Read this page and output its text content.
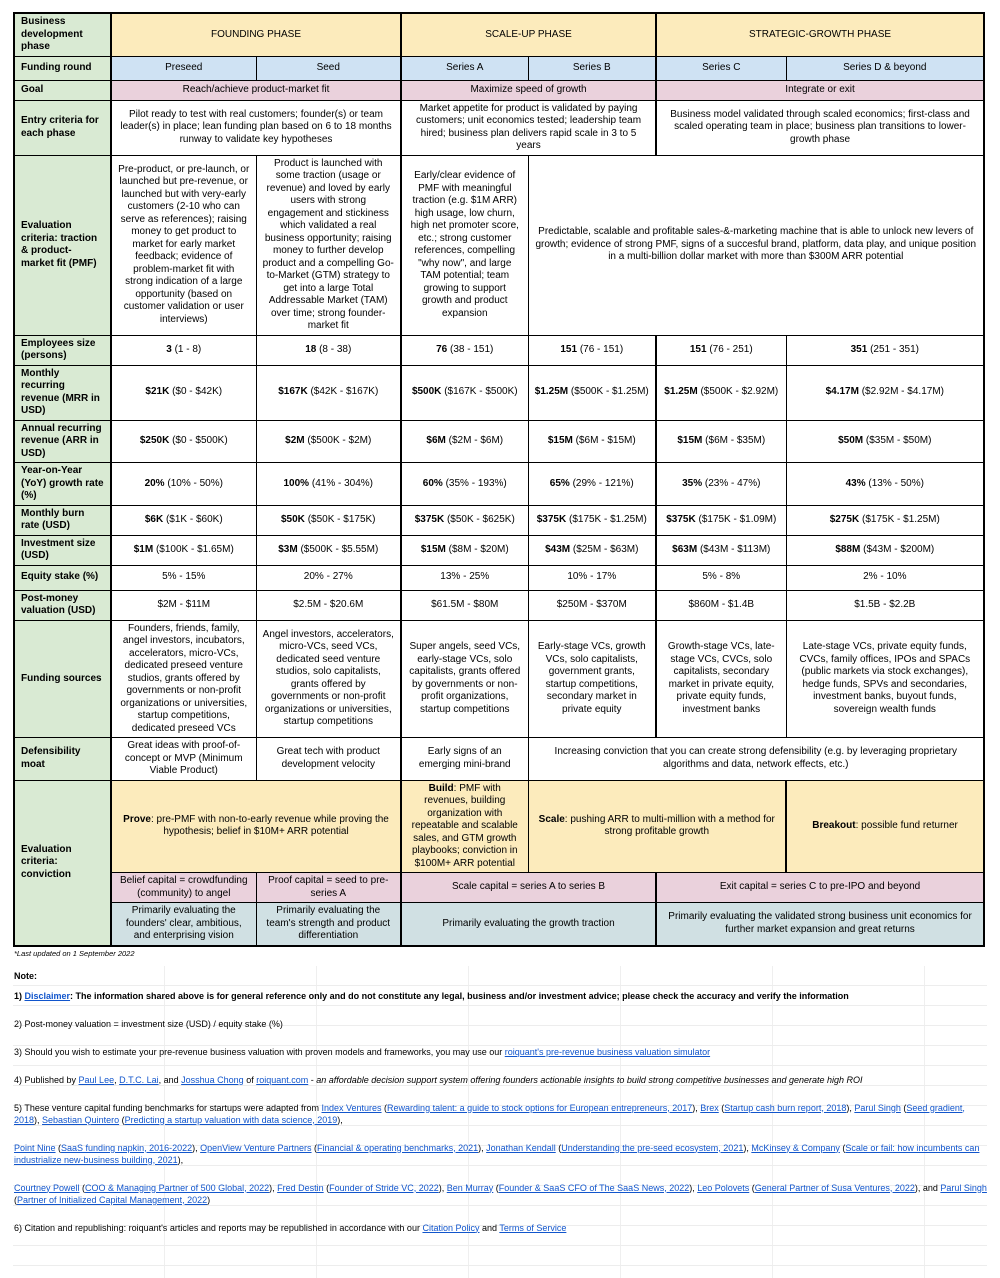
Business development phase	FOUNDING PHASE		SCALE-UP PHASE		STRATEGIC-GROWTH PHASE	
Funding round	Preseed	Seed	Series A	Series B	Series C	Series D & beyond
Goal	Reach/achieve product-market fit		Maximize speed of growth		Integrate or exit	
Entry criteria for each phase	Pilot ready to test with real customers; founder(s) or team leader(s) in place; lean funding plan based on 6 to 18 months runway to validate key hypotheses		Market appetite for product is validated by paying customers; unit economics tested; leadership team hired; business plan delivers rapid scale in 3 to 5 years		Business model validated through scaled economics; first-class and scaled operating team in place; business plan transitions to lower-growth phase	
Evaluation criteria: traction & product-market fit (PMF)	Pre-product, or pre-launch, or launched but pre-revenue, or launched but with very-early customers (2-10 who can serve as references); raising money to get product to market for early market feedback; evidence of problem-market fit with strong indication of a large opportunity (based on customer validation or user interviews)	Product is launched with some traction (usage or revenue) and loved by early users with strong engagement and stickiness which validated a real business opportunity; raising money to further develop product and a compelling Go-to-Market (GTM) strategy to get into a large Total Addressable Market (TAM) over time; strong founder-market fit	Early/clear evidence of PMF with meaningful traction (e.g. $1M ARR) high usage, low churn, high net promoter score, etc.; strong customer references, compelling "why now", and large TAM potential; team growing to support growth and product expansion	Predictable, scalable and profitable sales-&-marketing machine that is able to unlock new levers of growth; evidence of strong PMF, signs of a succesful brand, platform, data play, and unique position in a multi-billion dollar market with more than $300M ARR potential
Employees size (persons)	3 (1 - 8)	18 (8 - 38)	76 (38 - 151)	151 (76 - 151)	151 (76 - 251)	351 (251 - 351)
Monthly recurring revenue (MRR in USD)	$21K ($0 - $42K)	$167K ($42K - $167K)	$500K ($167K - $500K)	$1.25M ($500K - $1.25M)	$1.25M ($500K - $2.92M)	$4.17M ($2.92M - $4.17M)
Annual recurring revenue (ARR in USD)	$250K ($0 - $500K)	$2M ($500K - $2M)	$6M ($2M - $6M)	$15M ($6M - $15M)	$15M ($6M - $35M)	$50M ($35M - $50M)
Year-on-Year (YoY) growth rate (%)	20% (10% - 50%)	100% (41% - 304%)	60% (35% - 193%)	65% (29% - 121%)	35% (23% - 47%)	43% (13% - 50%)
Monthly burn rate (USD)	$6K ($1K - $60K)	$50K ($50K - $175K)	$375K ($50K - $625K)	$375K ($175K - $1.25M)	$375K ($175K - $1.09M)	$275K ($175K - $1.25M)
Investment size (USD)	$1M ($100K - $1.65M)	$3M ($500K - $5.55M)	$15M ($8M - $20M)	$43M ($25M - $63M)	$63M ($43M - $113M)	$88M ($43M - $200M)
Equity stake (%)	5% - 15%	20% - 27%	13% - 25%	10% - 17%	5% - 8%	2% - 10%
Post-money valuation (USD)	$2M - $11M	$2.5M - $20.6M	$61.5M - $80M	$250M - $370M	$860M - $1.4B	$1.5B - $2.2B
Funding sources	Founders, friends, family, angel investors, incubators, accelerators, micro-VCs, dedicated preseed venture studios, grants offered by governments or non-profit organizations or universities, startup competitions, dedicated preseed VCs	Angel investors, accelerators, micro-VCs, seed VCs, dedicated seed venture studios, solo capitalists, grants offered by governments or non-profit organizations or universities, startup competitions	Super angels, seed VCs, early-stage VCs, solo capitalists, grants offered by governments or non-profit organizations, startup competitions	Early-stage VCs, growth VCs, solo capitalists, government grants, startup competitions, secondary market in private equity	Growth-stage VCs, late-stage VCs, CVCs, solo capitalists, secondary market in private equity, private equity funds, investment banks	Late-stage VCs, private equity funds, CVCs, family offices, IPOs and SPACs (public markets via stock exchanges), hedge funds, SPVs and secondaries, investment banks, buyout funds, sovereign wealth funds
Defensibility moat	Great ideas with proof-of-concept or MVP (Minimum Viable Product)	Great tech with product development velocity	Early signs of an emerging mini-brand	Increasing conviction that you can create strong defensibility (e.g. by leveraging proprietary algorithms and data, network effects, etc.)		
Evaluation criteria: conviction	Prove: pre-PMF with non-to-early revenue while proving the hypothesis; belief in $10M+ ARR potential		Build: PMF with revenues, building organization with repeatable and scalable sales, and GTM growth playbooks; conviction in $100M+ ARR potential	Scale: pushing ARR to multi-million with a method for strong profitable growth		Breakout: possible fund returner
	Belief capital = crowdfunding (community) to angel	Proof capital = seed to pre-series A	Scale capital = series A to series B		Exit capital = series C to pre-IPO and beyond	
	Primarily evaluating the founders' clear, ambitious, and enterprising vision	Primarily evaluating the team's strength and product differentiation	Primarily evaluating the growth traction		Primarily evaluating the validated strong business unit economics for further market expansion and great returns	
*Last updated on 1 September 2022
Note:
1) Disclaimer: The information shared above is for general reference only and do not constitute any legal, business and/or investment advice; please check the accuracy and verify the information
2) Post-money valuation = investment size (USD) / equity stake (%)
3) Should you wish to estimate your pre-revenue business valuation with proven models and frameworks, you may use our roiquant's pre-revenue business valuation simulator
4) Published by Paul Lee, D.T.C. Lai, and Josshua Chong of roiquant.com - an affordable decision support system offering founders actionable insights to build strong competitive businesses and generate high ROI
5) These venture capital funding benchmarks for startups were adapted from Index Ventures (Rewarding talent: a guide to stock options for European entrepreneurs, 2017), Brex (Startup cash burn report, 2018), Parul Singh (Seed gradient, 2018), Sebastian Quintero (Predicting a startup valuation with data science, 2019),
Point Nine (SaaS funding napkin, 2016-2022), OpenView Venture Partners (Financial & operating benchmarks, 2021), Jonathan Kendall (Understanding the pre-seed ecosystem, 2021), McKinsey & Company (Scale or fail: how incumbents can industrialize new-business building, 2021),
Courtney Powell (COO & Managing Partner of 500 Global, 2022), Fred Destin (Founder of Stride VC, 2022), Ben Murray (Founder & SaaS CFO of The SaaS News, 2022), Leo Polovets (General Partner of Susa Ventures, 2022), and Parul Singh (Partner of Initialized Capital Management, 2022)
6) Citation and republishing: roiquant's articles and reports may be republished in accordance with our Citation Policy and Terms of Service
